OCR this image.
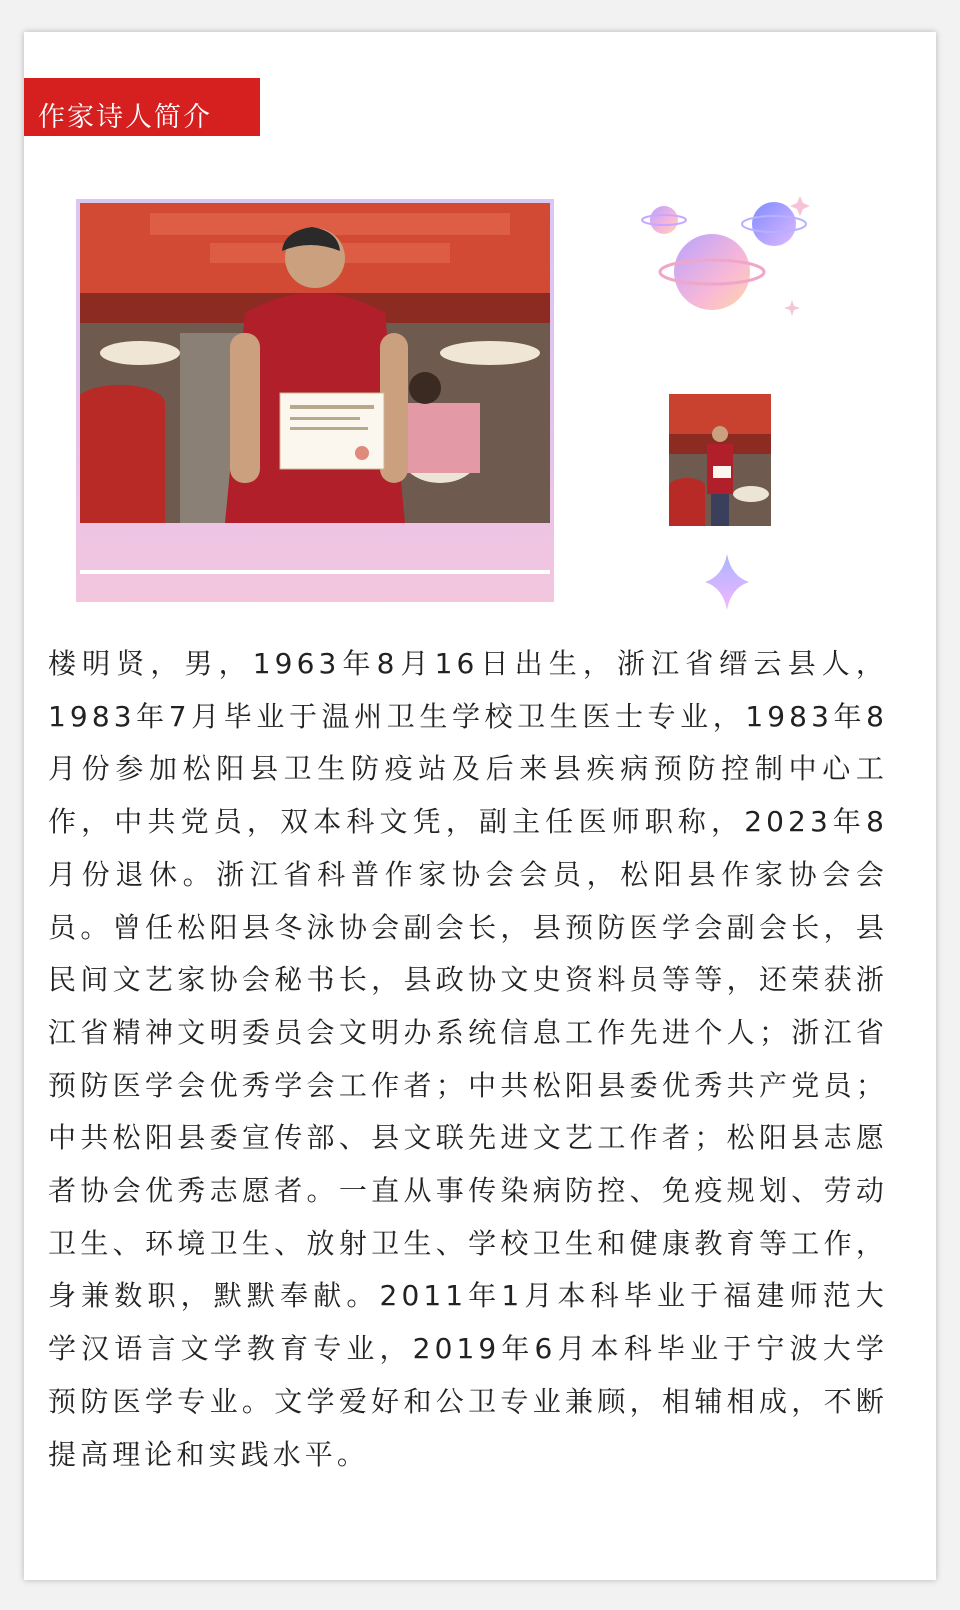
作家诗人简介

楼明贤，男，1963年8月16日出生，浙江省缙云县人，1983年7月毕业于温州卫生学校卫生医士专业，1983年8月份参加松阳县卫生防疫站及后来县疾病预防控制中心工作，中共党员，双本科文凭，副主任医师职称，2023年8月份退休。浙江省科普作家协会会员，松阳县作家协会会员。曾任松阳县冬泳协会副会长，县预防医学会副会长，县民间文艺家协会秘书长，县政协文史资料员等等，还荣获浙江省精神文明委员会文明办系统信息工作先进个人；浙江省预防医学会优秀学会工作者；中共松阳县委优秀共产党员；中共松阳县委宣传部、县文联先进文艺工作者；松阳县志愿者协会优秀志愿者。一直从事传染病防控、免疫规划、劳动卫生、环境卫生、放射卫生、学校卫生和健康教育等工作，身兼数职，默默奉献。2011年1月本科毕业于福建师范大学汉语言文学教育专业，2019年6月本科毕业于宁波大学预防医学专业。文学爱好和公卫专业兼顾，相辅相成，不断提高理论和实践水平。
